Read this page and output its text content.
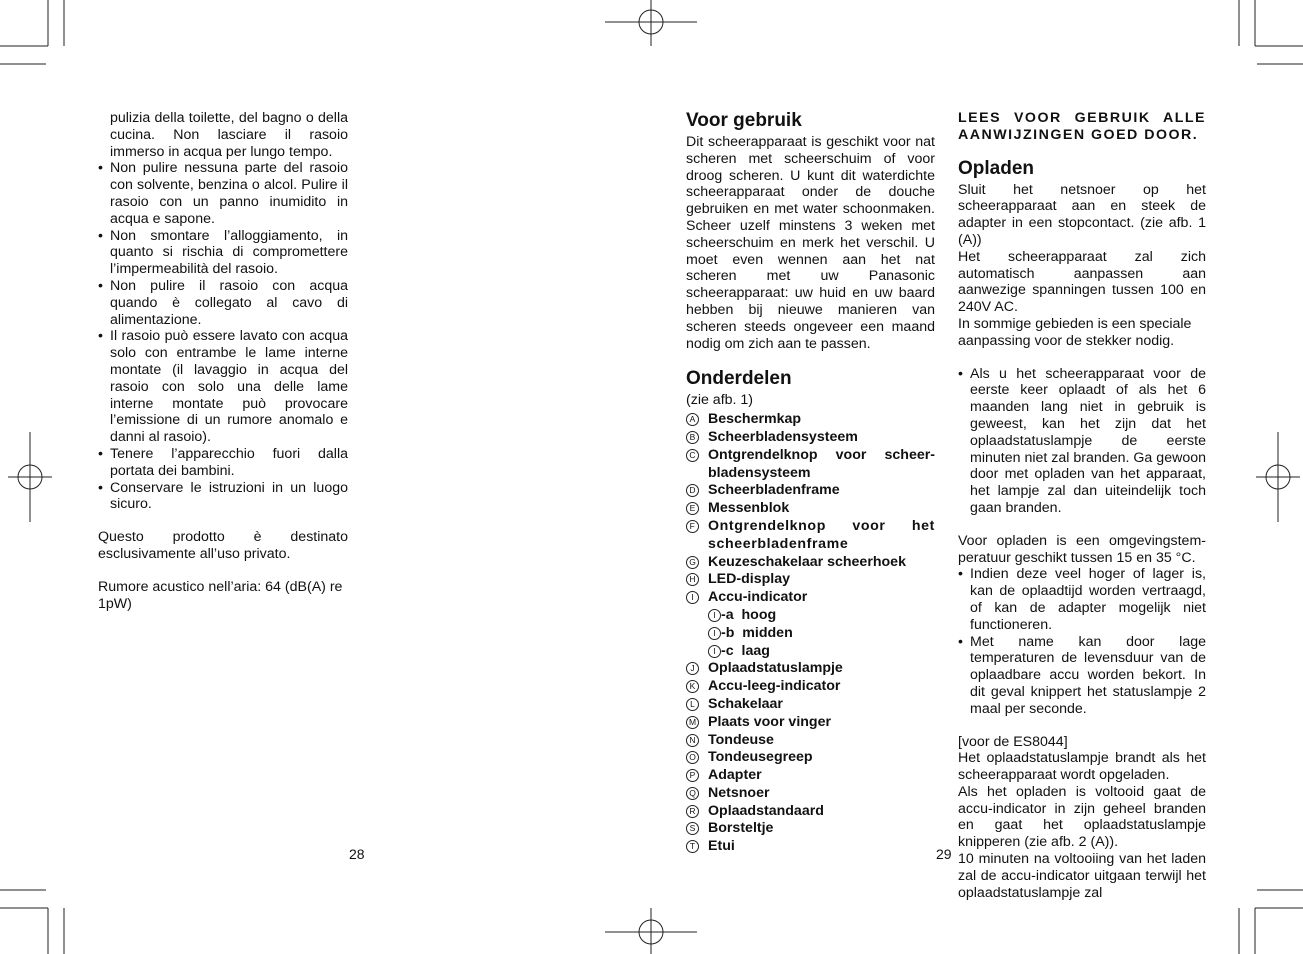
pulizia della toilette, del bagno o della cucina. Non lasciare il rasoio immerso in acqua per lungo tempo.

• Non pulire nessuna parte del rasoio con solvente, benzina o alcol. Pulire il rasoio con un panno inumidito in acqua e sapone.
• Non smontare l’alloggiamento, in quanto si rischia di compromettere l’impermeabilità del rasoio.
• Non pulire il rasoio con acqua quando è collegato al cavo di alimentazione.
• Il rasoio può essere lavato con acqua solo con entrambe le lame interne montate (il lavaggio in acqua del rasoio con solo una delle lame interne montate può provocare l’emissione di un rumore anomalo e danni al rasoio).
• Tenere l’apparecchio fuori dalla portata dei bambini.
• Conservare le istruzioni in un luogo sicuro.

Questo prodotto è destinato esclusivamente all’uso privato.

Rumore acustico nell’aria: 64 (dB(A) re 1pW)

28
Voor gebruik

Dit scheerapparaat is geschikt voor nat scheren met scheerschuim of voor droog scheren. U kunt dit waterdichte scheerapparaat onder de douche gebruiken en met water schoonmaken. Scheer uzelf minstens 3 weken met scheerschuim en merk het verschil. U moet even wennen aan het nat scheren met uw Panasonic scheerapparaat: uw huid en uw baard hebben bij nieuwe manieren van scheren steeds ongeveer een maand nodig om zich aan te passen.

Onderdelen

(zie afb. 1)

A Beschermkap
B Scheerbladensysteem
C Ontgrendelknop voor scheerbladensysteem
D Scheerbladenframe
E Messenblok
F Ontgrendelknop voor het scheerbladenframe
G Keuzeschakelaar scheerhoek
H LED-display
I	Accu-indicator
I -a hoog
I -b midden
I -c laag
J Oplaadstatuslampje
K Accu-leeg-indicator
L Schakelaar
M Plaats voor vinger
N Tondeuse
O Tondeusegreep
P Adapter
Q Netsnoer
R Oplaadstandaard
S Borsteltje
T Etui	29

LEES VOOR GEBRUIK ALLE AANWIJZINGEN GOED DOOR.

Opladen

Sluit het netsnoer op het scheerapparaat aan en steek de adapter in een stopcontact. (zie afb. 1 (A))

Het scheerapparaat zal zich automatisch aanpassen aan aanwezige spanningen tussen 100 en 240V AC.

In sommige gebieden is een speciale aanpassing voor de stekker nodig.

• Als u het scheerapparaat voor de eerste keer oplaadt of als het 6 maanden lang niet in gebruik is geweest, kan het zijn dat het oplaadstatuslampje de eerste minuten niet zal branden. Ga gewoon door met opladen van het apparaat, het lampje zal dan uiteindelijk toch gaan branden.

Voor opladen is een omgevingstemperatuur geschikt tussen 15 en 35 °C.

• Indien deze veel hoger of lager is, kan de oplaadtijd worden vertraagd, of kan de adapter mogelijk niet functioneren.
• Met name kan door lage temperaturen de levensduur van de oplaadbare accu worden bekort. In dit geval knippert het statuslampje 2 maal per seconde.

[voor de ES8044]

Het oplaadstatuslampje brandt als het scheerapparaat wordt opgeladen.

Als het opladen is voltooid gaat de accu-indicator in zijn geheel branden en gaat het oplaadstatuslampje knipperen (zie afb. 2 (A)).

10 minuten na voltooiing van het laden zal de accu-indicator uitgaan terwijl het oplaadstatuslampje zal
